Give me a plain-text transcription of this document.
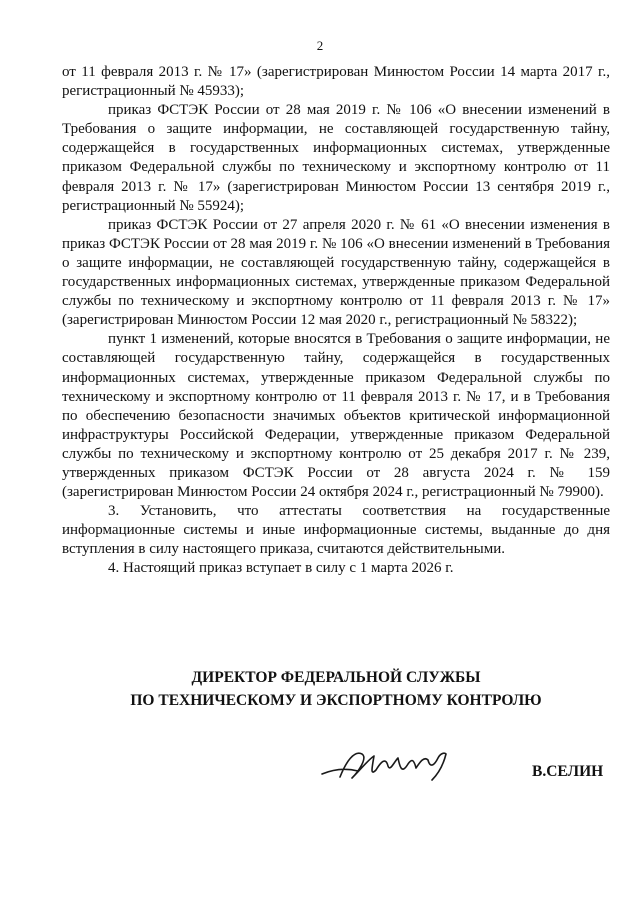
2

от 11 февраля 2013 г. № 17» (зарегистрирован Минюстом России 14 марта 2017 г., регистрационный № 45933);

приказ ФСТЭК России от 28 мая 2019 г. № 106 «О внесении изменений в Требования о защите информации, не составляющей государственную тайну, содержащейся в государственных информационных системах, утвержденные приказом Федеральной службы по техническому и экспортному контролю от 11 февраля 2013 г. № 17» (зарегистрирован Минюстом России 13 сентября 2019 г., регистрационный № 55924);

приказ ФСТЭК России от 27 апреля 2020 г. № 61 «О внесении изменения в приказ ФСТЭК России от 28 мая 2019 г. № 106 «О внесении изменений в Требования о защите информации, не составляющей государственную тайну, содержащейся в государственных информационных системах, утвержденные приказом Федеральной службы по техническому и экспортному контролю от 11 февраля 2013 г. № 17» (зарегистрирован Минюстом России 12 мая 2020 г., регистрационный № 58322);

пункт 1 изменений, которые вносятся в Требования о защите информации, не составляющей государственную тайну, содержащейся в государственных информационных системах, утвержденные приказом Федеральной службы по техническому и экспортному контролю от 11 февраля 2013 г. № 17, и в Требования по обеспечению безопасности значимых объектов критической информационной инфраструктуры Российской Федерации, утвержденные приказом Федеральной службы по техническому и экспортному контролю от 25 декабря 2017 г. № 239, утвержденных приказом ФСТЭК России от 28 августа 2024 г. № 159 (зарегистрирован Минюстом России 24 октября 2024 г., регистрационный № 79900).

3. Установить, что аттестаты соответствия на государственные информационные системы и иные информационные системы, выданные до дня вступления в силу настоящего приказа, считаются действительными.

4. Настоящий приказ вступает в силу с 1 марта 2026 г.

ДИРЕКТОР ФЕДЕРАЛЬНОЙ СЛУЖБЫ
ПО ТЕХНИЧЕСКОМУ И ЭКСПОРТНОМУ КОНТРОЛЮ
В.СЕЛИН
